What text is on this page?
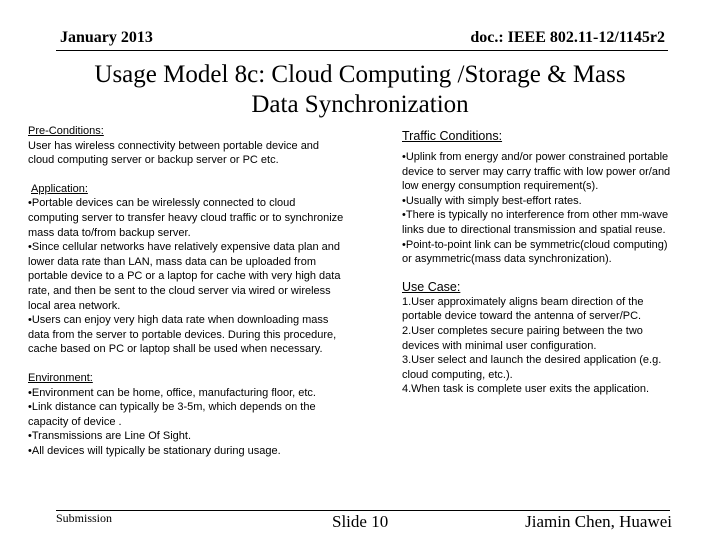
January 2013	doc.: IEEE 802.11-12/1145r2
Usage Model 8c: Cloud Computing /Storage & Mass
Data Synchronization
Pre-Conditions:
User has wireless connectivity between portable device and
cloud computing server or backup server or PC etc.
Application:
•Portable devices can be wirelessly connected to cloud
computing server to transfer heavy cloud traffic or to synchronize
mass data to/from backup server.
•Since cellular networks have relatively expensive data plan and
lower data rate than LAN, mass data can be uploaded from
portable device to a PC or a laptop for cache with very high data
rate, and then be sent to the cloud server via wired or wireless
local area network.
•Users can enjoy very high data rate when downloading mass
data from the server to portable devices. During this procedure,
cache based on PC or laptop shall be used when necessary.
Environment:
•Environment can be home, office, manufacturing floor, etc.
•Link distance can typically be 3-5m, which depends on the
capacity of device .
•Transmissions are Line Of Sight.
•All devices will typically be stationary during usage.
Traffic Conditions:
•Uplink from energy and/or power constrained portable
device to server may carry traffic with low power or/and
low energy consumption requirement(s).
•Usually with simply best-effort rates.
•There is typically no interference from other mm-wave
links due to directional transmission and spatial reuse.
•Point-to-point link can be symmetric(cloud computing)
or asymmetric(mass data synchronization).
Use Case:
1.User approximately aligns beam direction of the
portable device toward the antenna of server/PC.
2.User completes secure pairing between the two
devices with minimal user configuration.
3.User select and launch the desired application (e.g.
cloud computing, etc.).
4.When task is complete user exits the application.
Submission	Slide 10	Jiamin Chen, Huawei
